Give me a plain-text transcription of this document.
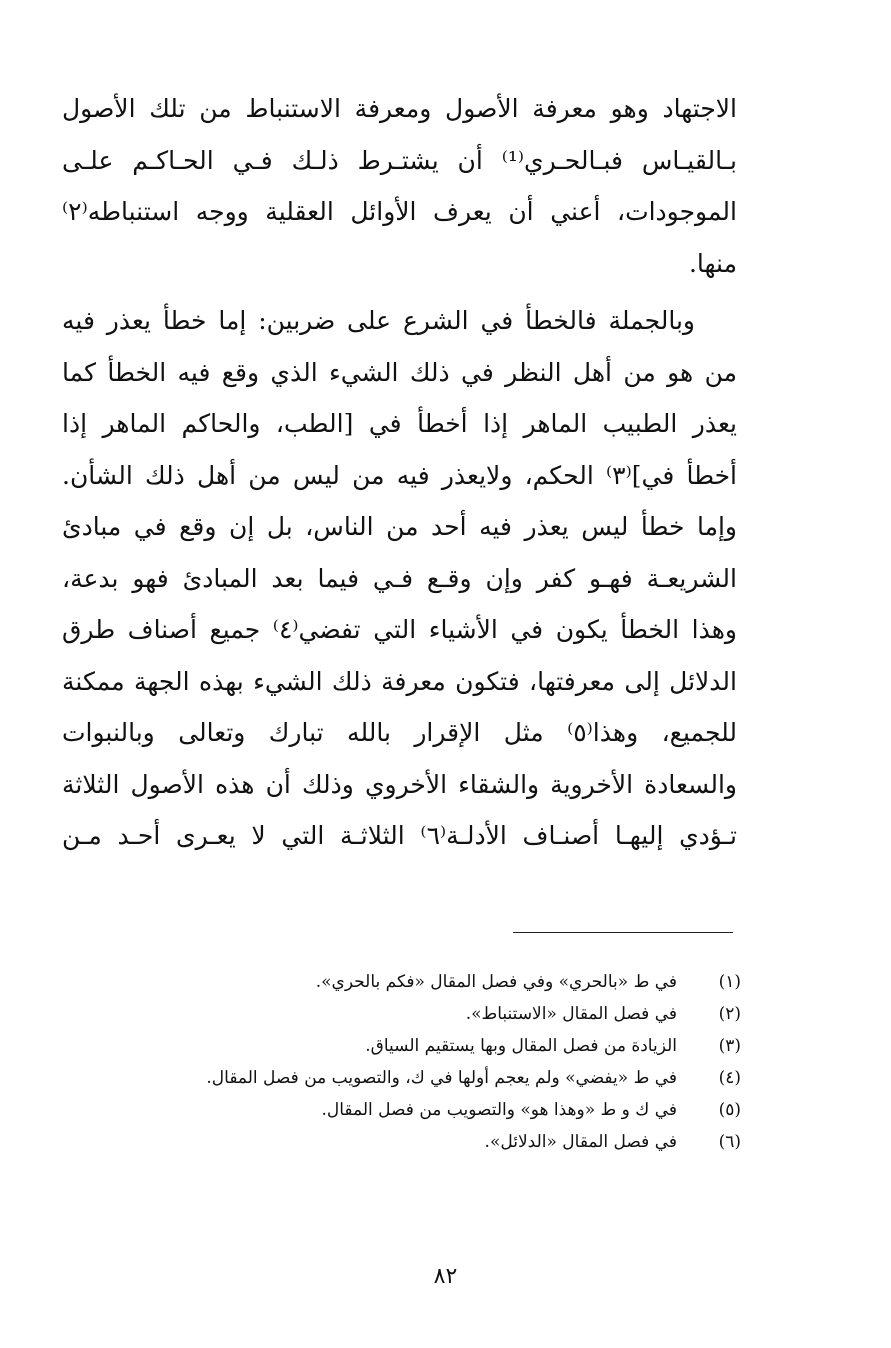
الاجتهاد وهو معرفة الأصول ومعرفة الاستنباط من تلك الأصول
بـالقيـاس فبـالحـري⁽¹⁾ أن يشتـرط ذلـك فـي الحـاكـم علـى
الموجودات، أعني أن يعرف الأوائل العقلية ووجه استنباطه⁽٢⁾
منها.
وبالجملة فالخطأ في الشرع على ضربين: إما خطأ يعذر فيه
من هو من أهل النظر في ذلك الشيء الذي وقع فيه الخطأ كما
يعذر الطبيب الماهر إذا أخطأ في [الطب، والحاكم الماهر إذا
أخطأ في]⁽٣⁾ الحكم، ولايعذر فيه من ليس من أهل ذلك الشأن.
وإما خطأ ليس يعذر فيه أحد من الناس، بل إن وقع في مبادئ
الشريعـة فهـو كفر وإن وقـع فـي فيما بعد المبادئ فهو بدعة،
وهذا الخطأ يكون في الأشياء التي تفضي⁽٤⁾ جميع أصناف طرق
الدلائل إلى معرفتها، فتكون معرفة ذلك الشيء بهذه الجهة ممكنة
للجميع، وهذا⁽٥⁾ مثل الإقرار بالله تبارك وتعالى وبالنبوات
والسعادة الأخروية والشقاء الأخروي وذلك أن هذه الأصول الثلاثة
تـؤدي إليهـا أصنـاف الأدلـة⁽٦⁾ الثلاثـة التي لا يعـرى أحـد مـن
(١)
في ط «بالحري» وفي فصل المقال «فكم بالحري».
(٢)
في فصل المقال «الاستنباط».
(٣)
الزيادة من فصل المقال وبها يستقيم السياق.
(٤)
في ط «يفضي» ولم يعجم أولها في ك، والتصويب من فصل المقال.
(٥)
في ك و ط «وهذا هو» والتصويب من فصل المقال.
(٦)
في فصل المقال «الدلائل».
٨٢
